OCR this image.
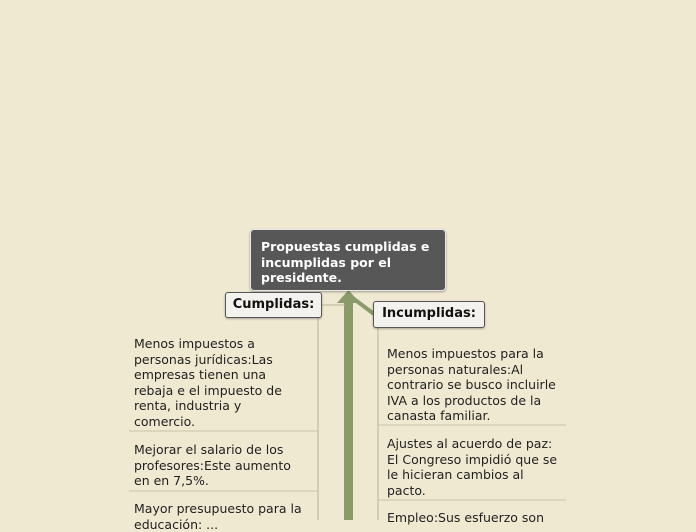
Propuestas cumplidas e incumplidas por el presidente.
Cumplidas:
Incumplidas:
Menos impuestos a personas jurídicas:Las empresas tienen una rebaja e el impuesto de renta, industria y comercio.
Mejorar el salario de los profesores:Este aumento en en 7,5%.
Mayor presupuesto para la educación: ...
Menos impuestos para la personas naturales:Al contrario se busco incluirle IVA a los productos de la canasta familiar.
Ajustes al acuerdo de paz: El Congreso impidió que se le hicieran cambios al pacto.
Empleo:Sus esfuerzo son
